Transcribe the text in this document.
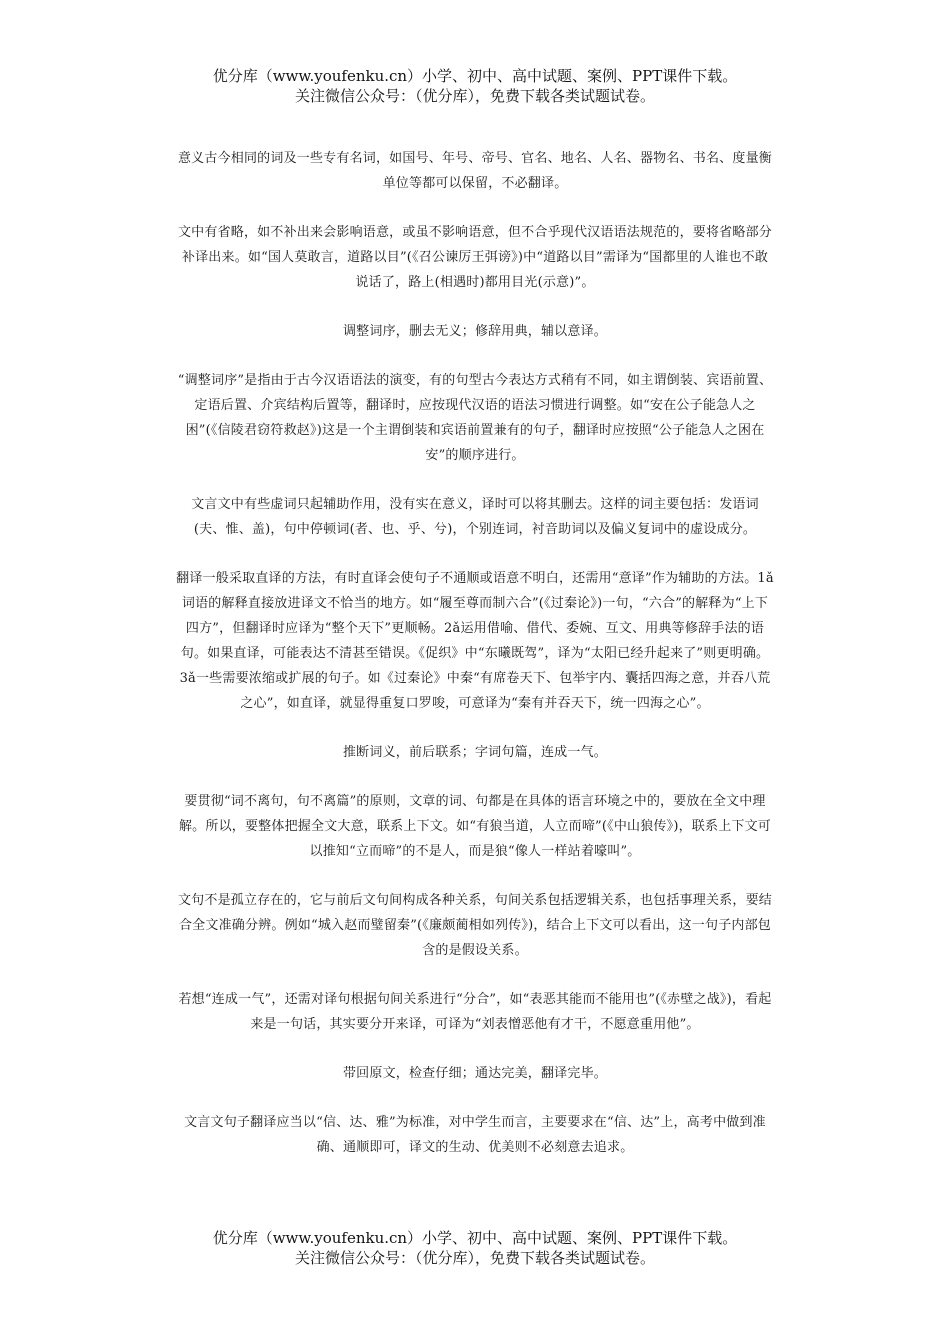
优分库（www.youfenku.cn）小学、初中、高中试题、案例、PPT课件下载。
关注微信公众号：（优分库），免费下载各类试题试卷。

意义古今相同的词及一些专有名词，如国号、年号、帝号、官名、地名、人名、器物名、书名、度量衡单位等都可以保留，不必翻译。

文中有省略，如不补出来会影响语意，或虽不影响语意，但不合乎现代汉语语法规范的，要将省略部分补译出来。如“国人莫敢言，道路以目”(《召公谏厉王弭谤》)中“道路以目”需译为“国都里的人谁也不敢说话了，路上(相遇时)都用目光(示意)”。

调整词序，删去无义；修辞用典，辅以意译。

“调整词序”是指由于古今汉语语法的演变，有的句型古今表达方式稍有不同，如主谓倒装、宾语前置、定语后置、介宾结构后置等，翻译时，应按现代汉语的语法习惯进行调整。如“安在公子能急人之困”(《信陵君窃符救赵》)这是一个主谓倒装和宾语前置兼有的句子，翻译时应按照“公子能急人之困在安”的顺序进行。

文言文中有些虚词只起辅助作用，没有实在意义，译时可以将其删去。这样的词主要包括：发语词(夫、惟、盖)，句中停顿词(者、也、乎、兮)，个别连词，衬音助词以及偏义复词中的虚设成分。

翻译一般采取直译的方法，有时直译会使句子不通顺或语意不明白，还需用“意译”作为辅助的方法。1ǎ词语的解释直接放进译文不恰当的地方。如“履至尊而制六合”(《过秦论》)一句，“六合”的解释为“上下四方”，但翻译时应译为“整个天下”更顺畅。2ǎ运用借喻、借代、委婉、互文、用典等修辞手法的语句。如果直译，可能表达不清甚至错误。《促织》中“东曦既驾”，译为“太阳已经升起来了”则更明确。3ǎ一些需要浓缩或扩展的句子。如《过秦论》中秦“有席卷天下、包举宇内、囊括四海之意，并吞八荒之心”，如直译，就显得重复口罗唆，可意译为“秦有并吞天下，统一四海之心”。

推断词义，前后联系；字词句篇，连成一气。

要贯彻“词不离句，句不离篇”的原则，文章的词、句都是在具体的语言环境之中的，要放在全文中理解。所以，要整体把握全文大意，联系上下文。如“有狼当道，人立而啼”(《中山狼传》)，联系上下文可以推知“立而啼”的不是人，而是狼“像人一样站着嚎叫”。

文句不是孤立存在的，它与前后文句间构成各种关系，句间关系包括逻辑关系，也包括事理关系，要结合全文准确分辨。例如“城入赵而璧留秦”(《廉颇蔺相如列传》)，结合上下文可以看出，这一句子内部包含的是假设关系。

若想“连成一气”，还需对译句根据句间关系进行“分合”，如“表恶其能而不能用也”(《赤壁之战》)，看起来是一句话，其实要分开来译，可译为“刘表憎恶他有才干，不愿意重用他”。

带回原文，检查仔细；通达完美，翻译完毕。

文言文句子翻译应当以“信、达、雅”为标准，对中学生而言，主要要求在“信、达”上，高考中做到准确、通顺即可，译文的生动、优美则不必刻意去追求。

优分库（www.youfenku.cn）小学、初中、高中试题、案例、PPT课件下载。
关注微信公众号：（优分库），免费下载各类试题试卷。
